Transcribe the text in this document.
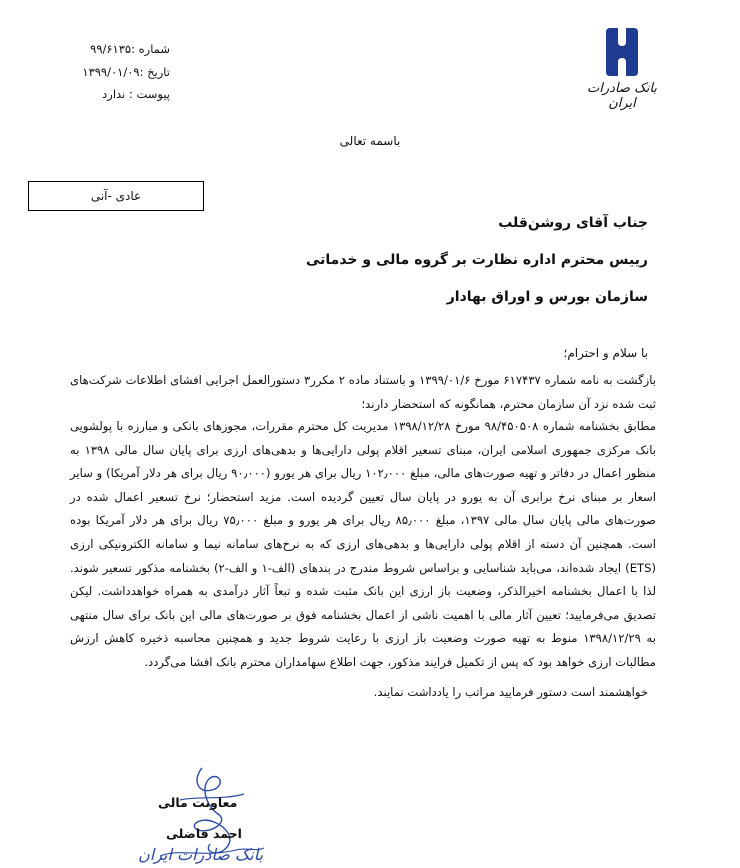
بانک صادرات ایران
شماره :۹۹/۶۱۳۵
تاریخ :۱۳۹۹/۰۱/۰۹
پیوست : ندارد
باسمه تعالی
عادی -آنی
جناب آقای روشن‌قلب
رییس محترم اداره نظارت بر گروه مالی و خدماتی
سازمان بورس و اوراق بهادار
با سلام و احترام؛
بازگشت به نامه شماره ۶۱۷۴۳۷ مورخ ۱۳۹۹/۰۱/۶ و باستناد ماده ۲ مکرر۳ دستورالعمل اجرایی افشای اطلاعات شرکت‌های ثبت شده نزد آن سازمان محترم، همانگونه که استحضار دارند؛
مطابق بخشنامه شماره ۹۸/۴۵۰۵۰۸ مورخ ۱۳۹۸/۱۲/۲۸ مدیریت کل محترم مقررات، مجوزهای بانکی و مبارزه با پولشویی بانک مرکزی جمهوری اسلامی ایران، مبنای تسعیر اقلام پولی دارایی‌ها و بدهی‌های ارزی برای پایان سال مالی ۱۳۹۸ به منظور اعمال در دفاتر و تهیه صورت‌های مالی، مبلغ ۱۰۲٫۰۰۰ ریال برای هر یورو (۹۰٫۰۰۰ ریال برای هر دلار آمریکا) و سایر اسعار بر مبنای نرخ برابری آن به یورو در پایان سال تعیین گردیده است. مزید استحضار؛ نرخ تسعیر اعمال شده در صورت‌های مالی پایان سال مالی ۱۳۹۷، مبلغ ۸۵٫۰۰۰ ریال برای هر یورو و مبلغ ۷۵٫۰۰۰ ریال برای هر دلار آمریکا بوده است. همچنین آن دسته از اقلام پولی دارایی‌ها و بدهی‌های ارزی که به نرخ‌های سامانه نیما و سامانه الکترونیکی ارزی (ETS) ایجاد شده‌اند، می‌باید شناسایی و براساس شروط مندرج در بندهای (الف-۱ و الف-۲) بخشنامه مذکور تسعیر شوند. لذا با اعمال بخشنامه اخیرالذکر، وضعیت باز ارزی این بانک مثبت شده و تبعاً آثار درآمدی به همراه خواهدداشت. لیکن تصدیق می‌فرمایید؛ تعیین آثار مالی با اهمیت ناشی از اعمال بخشنامه فوق بر صورت‌های مالی این بانک برای سال منتهی به ۱۳۹۸/۱۲/۲۹ منوط به تهیه صورت وضعیت باز ارزی با رعایت شروط جدید و همچنین محاسبه ذخیره کاهش ارزش مطالبات ارزی خواهد بود که پس از تکمیل فرایند مذکور، جهت اطلاع سهامداران محترم بانک افشا می‌گردد.
خواهشمند است دستور فرمایید مراتب را یادداشت نمایند.
معاونت مالی
احمد فاضلی
بانک صادرات ایران
